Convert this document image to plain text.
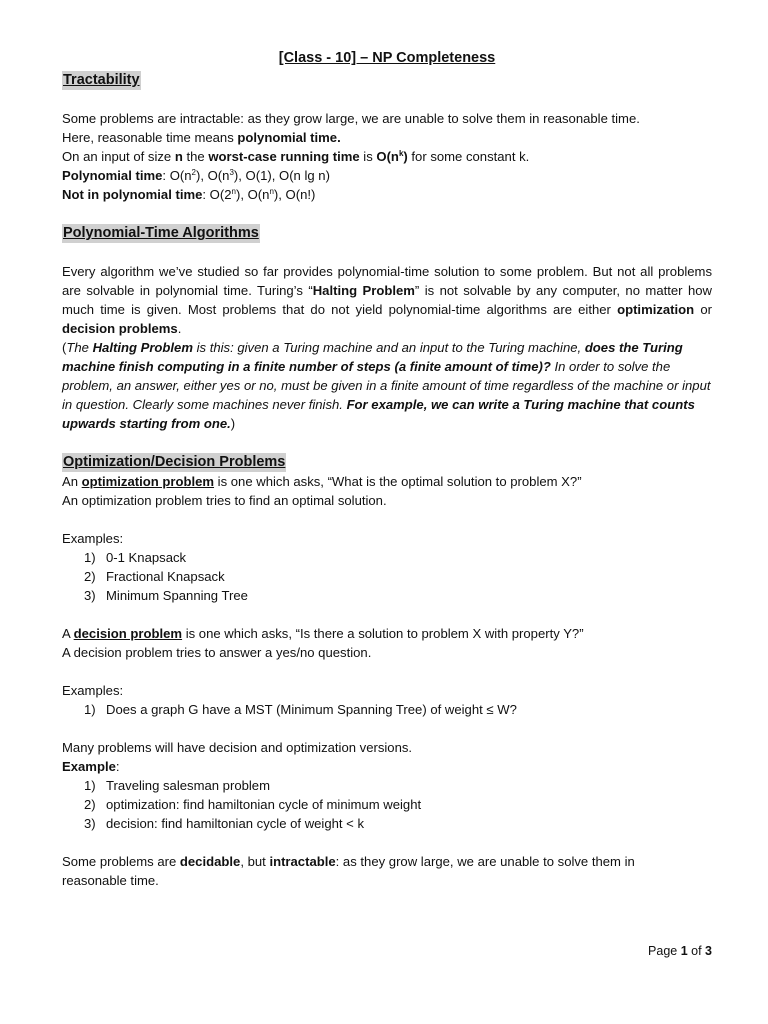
[Class - 10] – NP Completeness
Tractability

Some problems are intractable: as they grow large, we are unable to solve them in reasonable time.

Here, reasonable time means polynomial time.

On an input of size n the worst-case running time is $O(n^k)$ for some constant k.

Polynomial time: $O(n^2)$, $O(n^3)$, O(1), O(n lg n)

Not in polynomial time: O(2$^n$), $O(n^n)$, O(n!)

Polynomial-Time Algorithms

Every algorithm we’ve studied so far provides polynomial-time solution to some problem. But not all problems are solvable in polynomial time. Turing’s “Halting Problem” is not solvable by any computer, no matter how much time is given. Most problems that do not yield polynomial-time algorithms are either optimization or decision problems.

(The Halting Problem is this: given a Turing machine and an input to the Turing machine, does the Turing machine finish computing in a finite number of steps (a finite amount of time)? In order to solve the problem, an answer, either yes or no, must be given in a finite amount of time regardless of the machine or input in question. Clearly some machines never finish. For example, we can write a Turing machine that counts upwards starting from one.)

Optimization/Decision Problems

An optimization problem is one which asks, “What is the optimal solution to problem X?”

An optimization problem tries to find an optimal solution.

Examples:

1) 0-1 Knapsack
2) Fractional Knapsack
3) Minimum Spanning Tree

A decision problem is one which asks, “Is there a solution to problem X with property Y?”

A decision problem tries to answer a yes/no question.

Examples:

1) Does a graph G have a MST (Minimum Spanning Tree) of weight ≤ W?

Many problems will have decision and optimization versions.

Example:

1) Traveling salesman problem
2) optimization: find hamiltonian cycle of minimum weight
3) decision: find hamiltonian cycle of weight < k

Some problems are decidable, but intractable: as they grow large, we are unable to solve them in reasonable time.

Page 1 of 3
